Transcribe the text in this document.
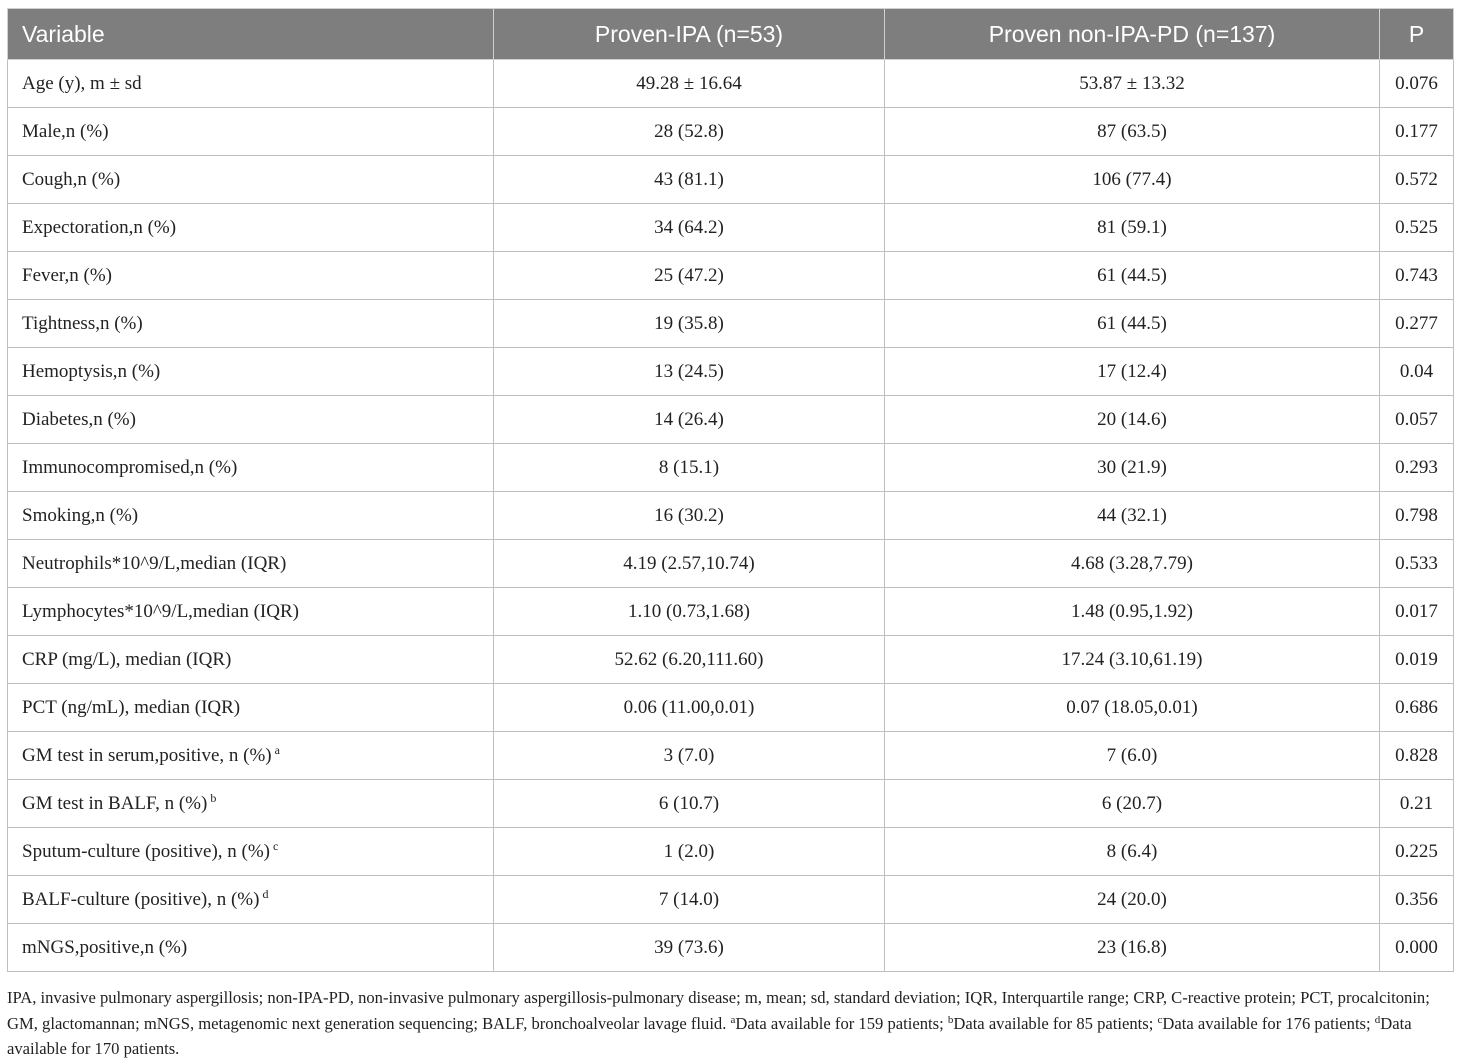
Variable	Proven-IPA (n=53)	Proven non-IPA-PD (n=137)	P
Age (y), m ± sd	49.28 ± 16.64	53.87 ± 13.32	0.076
Male,n (%)	28 (52.8)	87 (63.5)	0.177
Cough,n (%)	43 (81.1)	106 (77.4)	0.572
Expectoration,n (%)	34 (64.2)	81 (59.1)	0.525
Fever,n (%)	25 (47.2)	61 (44.5)	0.743
Tightness,n (%)	19 (35.8)	61 (44.5)	0.277
Hemoptysis,n (%)	13 (24.5)	17 (12.4)	0.04
Diabetes,n (%)	14 (26.4)	20 (14.6)	0.057
Immunocompromised,n (%)	8 (15.1)	30 (21.9)	0.293
Smoking,n (%)	16 (30.2)	44 (32.1)	0.798
Neutrophils*10^9/L,median (IQR)	4.19 (2.57,10.74)	4.68 (3.28,7.79)	0.533
Lymphocytes*10^9/L,median (IQR)	1.10 (0.73,1.68)	1.48 (0.95,1.92)	0.017
CRP (mg/L), median (IQR)	52.62 (6.20,111.60)	17.24 (3.10,61.19)	0.019
PCT (ng/mL), median (IQR)	0.06 (11.00,0.01)	0.07 (18.05,0.01)	0.686
GM test in serum,positive, n (%) $^a$	3 (7.0)	7 (6.0)	0.828
GM test in BALF, n (%) $^b$	6 (10.7)	6 (20.7)	0.21
Sputum-culture (positive), n (%) $^c$	1 (2.0)	8 (6.4)	0.225
BALF-culture (positive), n (%) $^d$	7 (14.0)	24 (20.0)	0.356
mNGS,positive,n (%)	39 (73.6)	23 (16.8)	0.000
IPA, invasive pulmonary aspergillosis; non-IPA-PD, non-invasive pulmonary aspergillosis-pulmonary disease; m, mean; sd, standard deviation; IQR, Interquartile range; CRP, C-reactive protein; PCT, procalcitonin; GM, glactomannan; mNGS, metagenomic next generation sequencing; BALF, bronchoalveolar lavage fluid. $^a$Data available for 159 patients; $^b$Data available for 85 patients; $^c$Data available for 176 patients; $^d$Data available for 170 patients.
